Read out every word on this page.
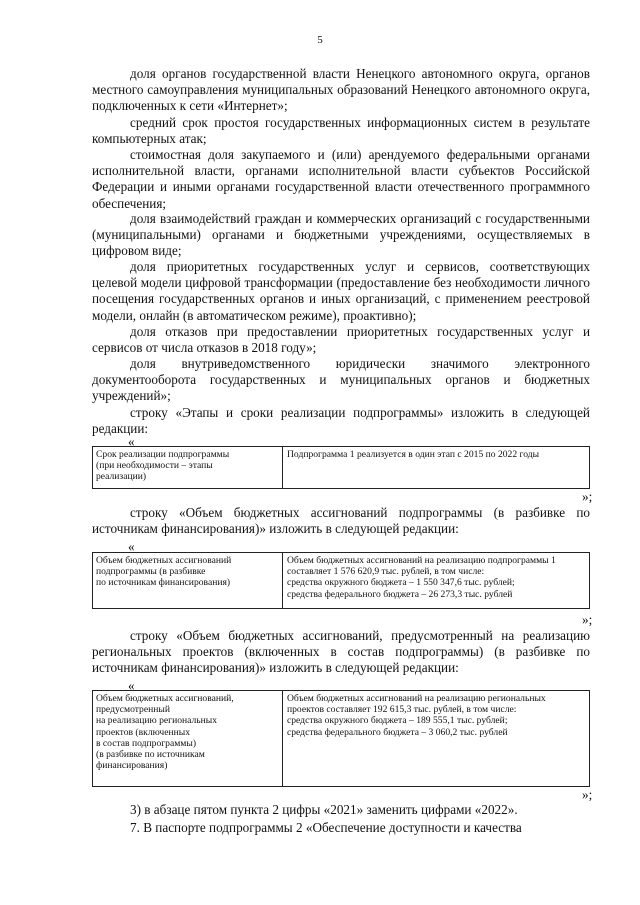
5

доля органов государственной власти Ненецкого автономного округа, органов местного самоуправления муниципальных образований Ненецкого автономного округа, подключенных к сети «Интернет»;

средний срок простоя государственных информационных систем в результате компьютерных атак;

стоимостная доля закупаемого и (или) арендуемого федеральными органами исполнительной власти, органами исполнительной власти субъектов Российской Федерации и иными органами государственной власти отечественного программного обеспечения;

доля взаимодействий граждан и коммерческих организаций с государственными (муниципальными) органами и бюджетными учреждениями, осуществляемых в цифровом виде;

доля приоритетных государственных услуг и сервисов, соответствующих целевой модели цифровой трансформации (предоставление без необходимости личного посещения государственных органов и иных организаций, с применением реестровой модели, онлайн (в автоматическом режиме), проактивно);

доля отказов при предоставлении приоритетных государственных услуг и сервисов от числа отказов в 2018 году»;

доля внутриведомственного юридически значимого электронного документооборота государственных и муниципальных органов и бюджетных учреждений»;

строку «Этапы и сроки реализации подпрограммы» изложить в следующей редакции:

«
Срок реализации подпрограммы
(при необходимости – этапы
реализации)
	Подпрограмма 1 реализуется в один этап с 2015 по 2022 годы
»;

строку «Объем бюджетных ассигнований подпрограммы (в разбивке по источникам финансирования)» изложить в следующей редакции:

«
Объем бюджетных ассигнований
подпрограммы (в разбивке
по источникам финансирования)

Объем бюджетных ассигнований на реализацию подпрограммы 1
составляет 1 576 620,9 тыс. рублей, в том числе:
средства окружного бюджета – 1 550 347,6 тыс. рублей;
средства федерального бюджета – 26 273,3 тыс. рублей
»;

строку «Объем бюджетных ассигнований, предусмотренный на реализацию региональных проектов (включенных в состав подпрограммы) (в разбивке по источникам финансирования)» изложить в следующей редакции:

«
Объем бюджетных ассигнований,
предусмотренный
на реализацию региональных
проектов (включенных
в состав подпрограммы)
(в разбивке по источникам
финансирования)

Объем бюджетных ассигнований на реализацию региональных
проектов составляет 192 615,3 тыс. рублей, в том числе:
средства окружного бюджета – 189 555,1 тыс. рублей;
средства федерального бюджета – 3 060,2 тыс. рублей
»;

3) в абзаце пятом пункта 2 цифры «2021» заменить цифрами «2022».

7. В паспорте подпрограммы 2 «Обеспечение доступности и качества
